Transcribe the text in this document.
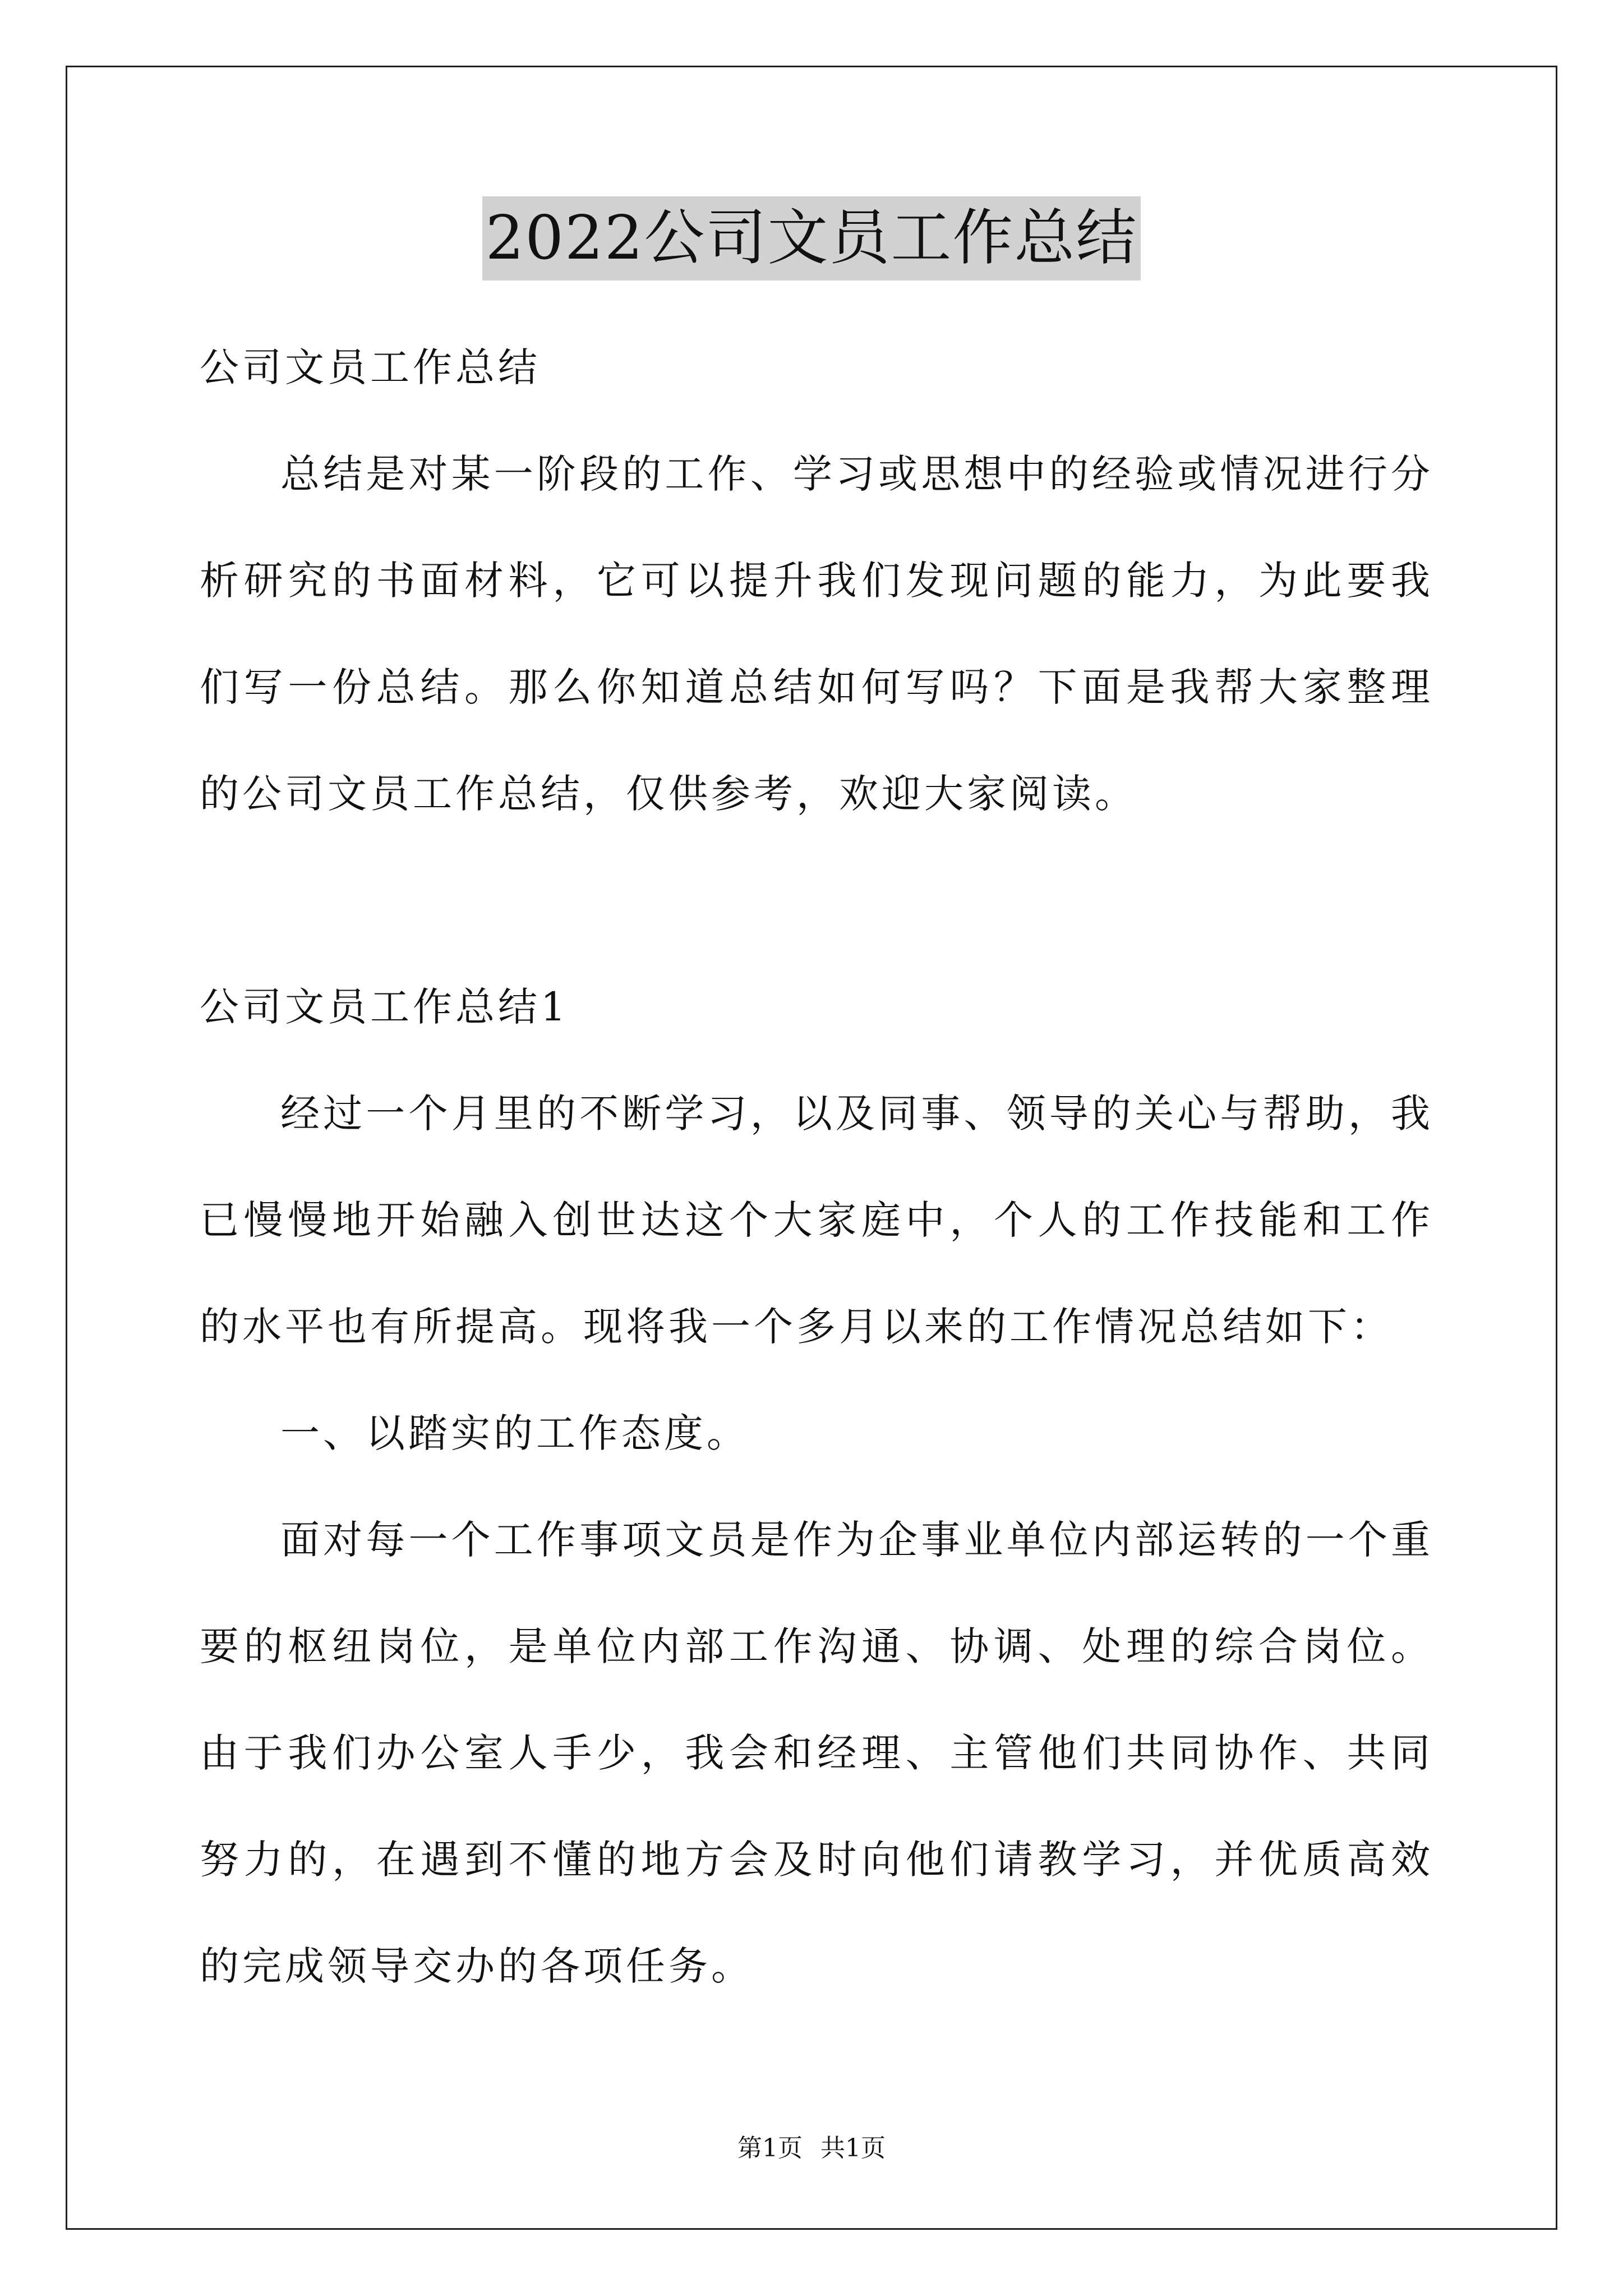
2022公司文员工作总结

公司文员工作总结

总结是对某一阶段的工作、学习或思想中的经验或情况进行分析研究的书面材料，它可以提升我们发现问题的能力，为此要我们写一份总结。那么你知道总结如何写吗？下面是我帮大家整理的公司文员工作总结，仅供参考，欢迎大家阅读。

公司文员工作总结1

经过一个月里的不断学习，以及同事、领导的关心与帮助，我已慢慢地开始融入创世达这个大家庭中，个人的工作技能和工作的水平也有所提高。现将我一个多月以来的工作情况总结如下：

一、以踏实的工作态度。

面对每一个工作事项文员是作为企事业单位内部运转的一个重要的枢纽岗位，是单位内部工作沟通、协调、处理的综合岗位。由于我们办公室人手少，我会和经理、主管他们共同协作、共同努力的，在遇到不懂的地方会及时向他们请教学习，并优质高效的完成领导交办的各项任务。

第1页 共1页
